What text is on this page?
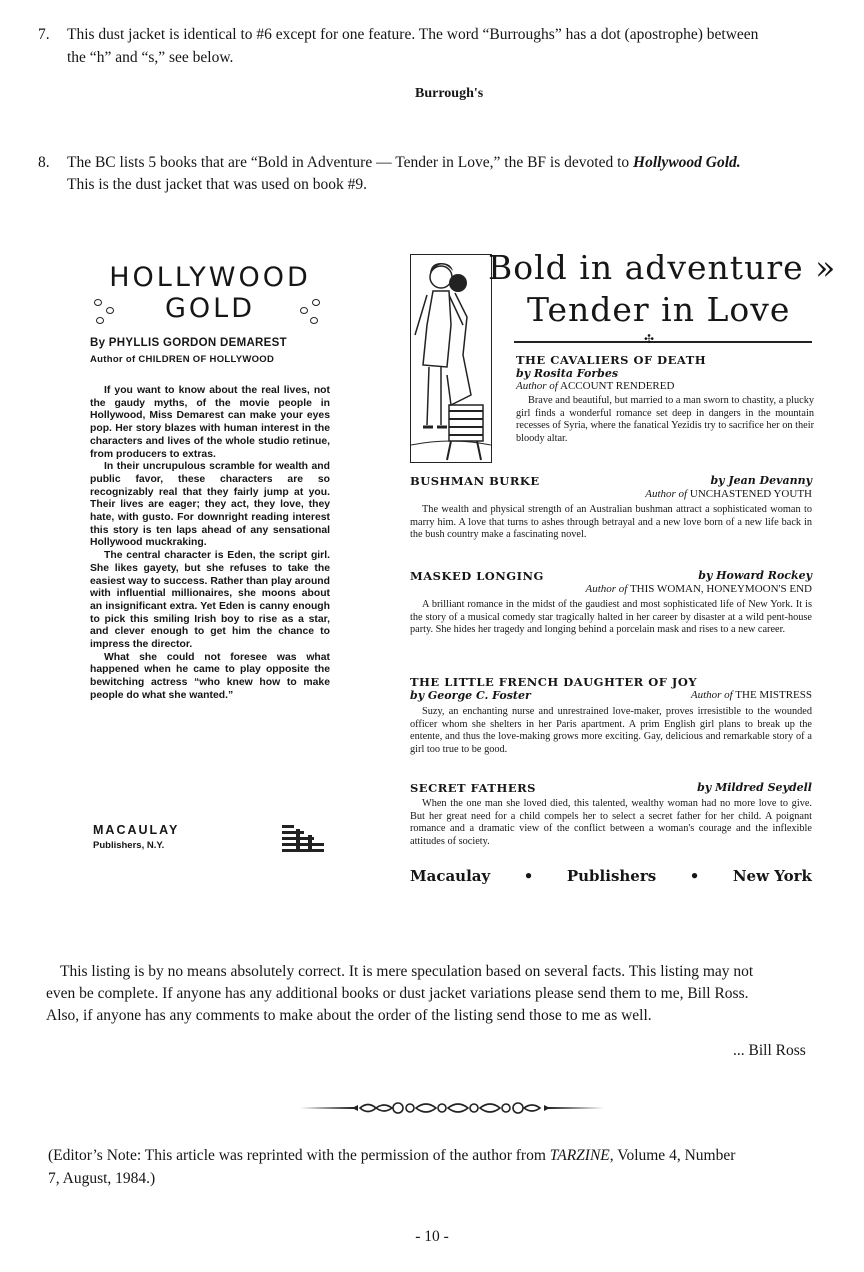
7. This dust jacket is identical to #6 except for one feature. The word “Burroughs” has a dot (apostrophe) between
the “h” and “s,” see below.
Burrough's
8. The BC lists 5 books that are “Bold in Adventure — Tender in Love,” the BF is devoted to Hollywood Gold.
This is the dust jacket that was used on book #9.
HOLLYWOOD
GOLD
By PHYLLIS GORDON DEMAREST
Author of CHILDREN OF HOLLYWOOD

If you want to know about the real lives, not the gaudy myths, of the movie people in Hollywood, Miss Demarest can make your eyes pop. Her story blazes with human interest in the characters and lives of the whole studio retinue, from producers to extras.

In their uncrupulous scramble for wealth and public favor, these characters are so recognizably real that they fairly jump at you. Their lives are eager; they act, they love, they hate, with gusto. For downright reading interest this story is ten laps ahead of any sensational Hollywood muckraking.

The central character is Eden, the script girl. She likes gayety, but she refuses to take the easiest way to success. Rather than play around with influential millionaires, she moons about an insignificant extra. Yet Eden is canny enough to pick this smiling Irish boy to rise as a star, and clever enough to get him the chance to impress the director.

What she could not foresee was what happened when he came to play opposite the bewitching actress “who knew how to make people do what she wanted.”

MACAULAY
Publishers, N.Y.
Bold in adventure »
Tender in Love
✣
THE CAVALIERS OF DEATH
by Rosita Forbes
Author of ACCOUNT RENDERED

Brave and beautiful, but married to a man sworn to chastity, a plucky girl finds a wonderful romance set deep in dangers in the mountain recesses of Syria, where the fanatical Yezidis try to sacrifice her on their bloody altar.

BUSHMAN BURKE	by Jean Devanny
Author of UNCHASTENED YOUTH

The wealth and physical strength of an Australian bushman attract a sophisticated woman to marry him. A love that turns to ashes through betrayal and a new love born of a new life back in the bush country make a fascinating novel.

MASKED LONGING	by Howard Rockey
Author of THIS WOMAN, HONEYMOON'S END

A brilliant romance in the midst of the gaudiest and most sophisticated life of New York. It is the story of a musical comedy star tragically halted in her career by disaster at a wild pent-house party. She hides her tragedy and longing behind a porcelain mask and rises to a new career.

THE LITTLE FRENCH DAUGHTER OF JOY
by George C. Foster	Author of THE MISTRESS

Suzy, an enchanting nurse and unrestrained love-maker, proves irresistible to the wounded officer whom she shelters in her Paris apartment. A prim English girl plans to break up the entente, and thus the love-making grows more exciting. Gay, delicious and remarkable story of a girl too true to be good.

SECRET FATHERS	by Mildred Seydell

When the one man she loved died, this talented, wealthy woman had no more love to give. But her great need for a child compels her to select a secret father for her child. A poignant romance and a dramatic view of the conflict between a woman's courage and the inflexible attitudes of society.

Macaulay • Publishers • New York
This listing is by no means absolutely correct. It is mere speculation based on several facts. This listing may not
even be complete. If anyone has any additional books or dust jacket variations please send them to me, Bill Ross.
Also, if anyone has any comments to make about the order of the listing send those to me as well.
... Bill Ross
(Editor’s Note: This article was reprinted with the permission of the author from TARZINE, Volume 4, Number
7, August, 1984.)
- 10 -
